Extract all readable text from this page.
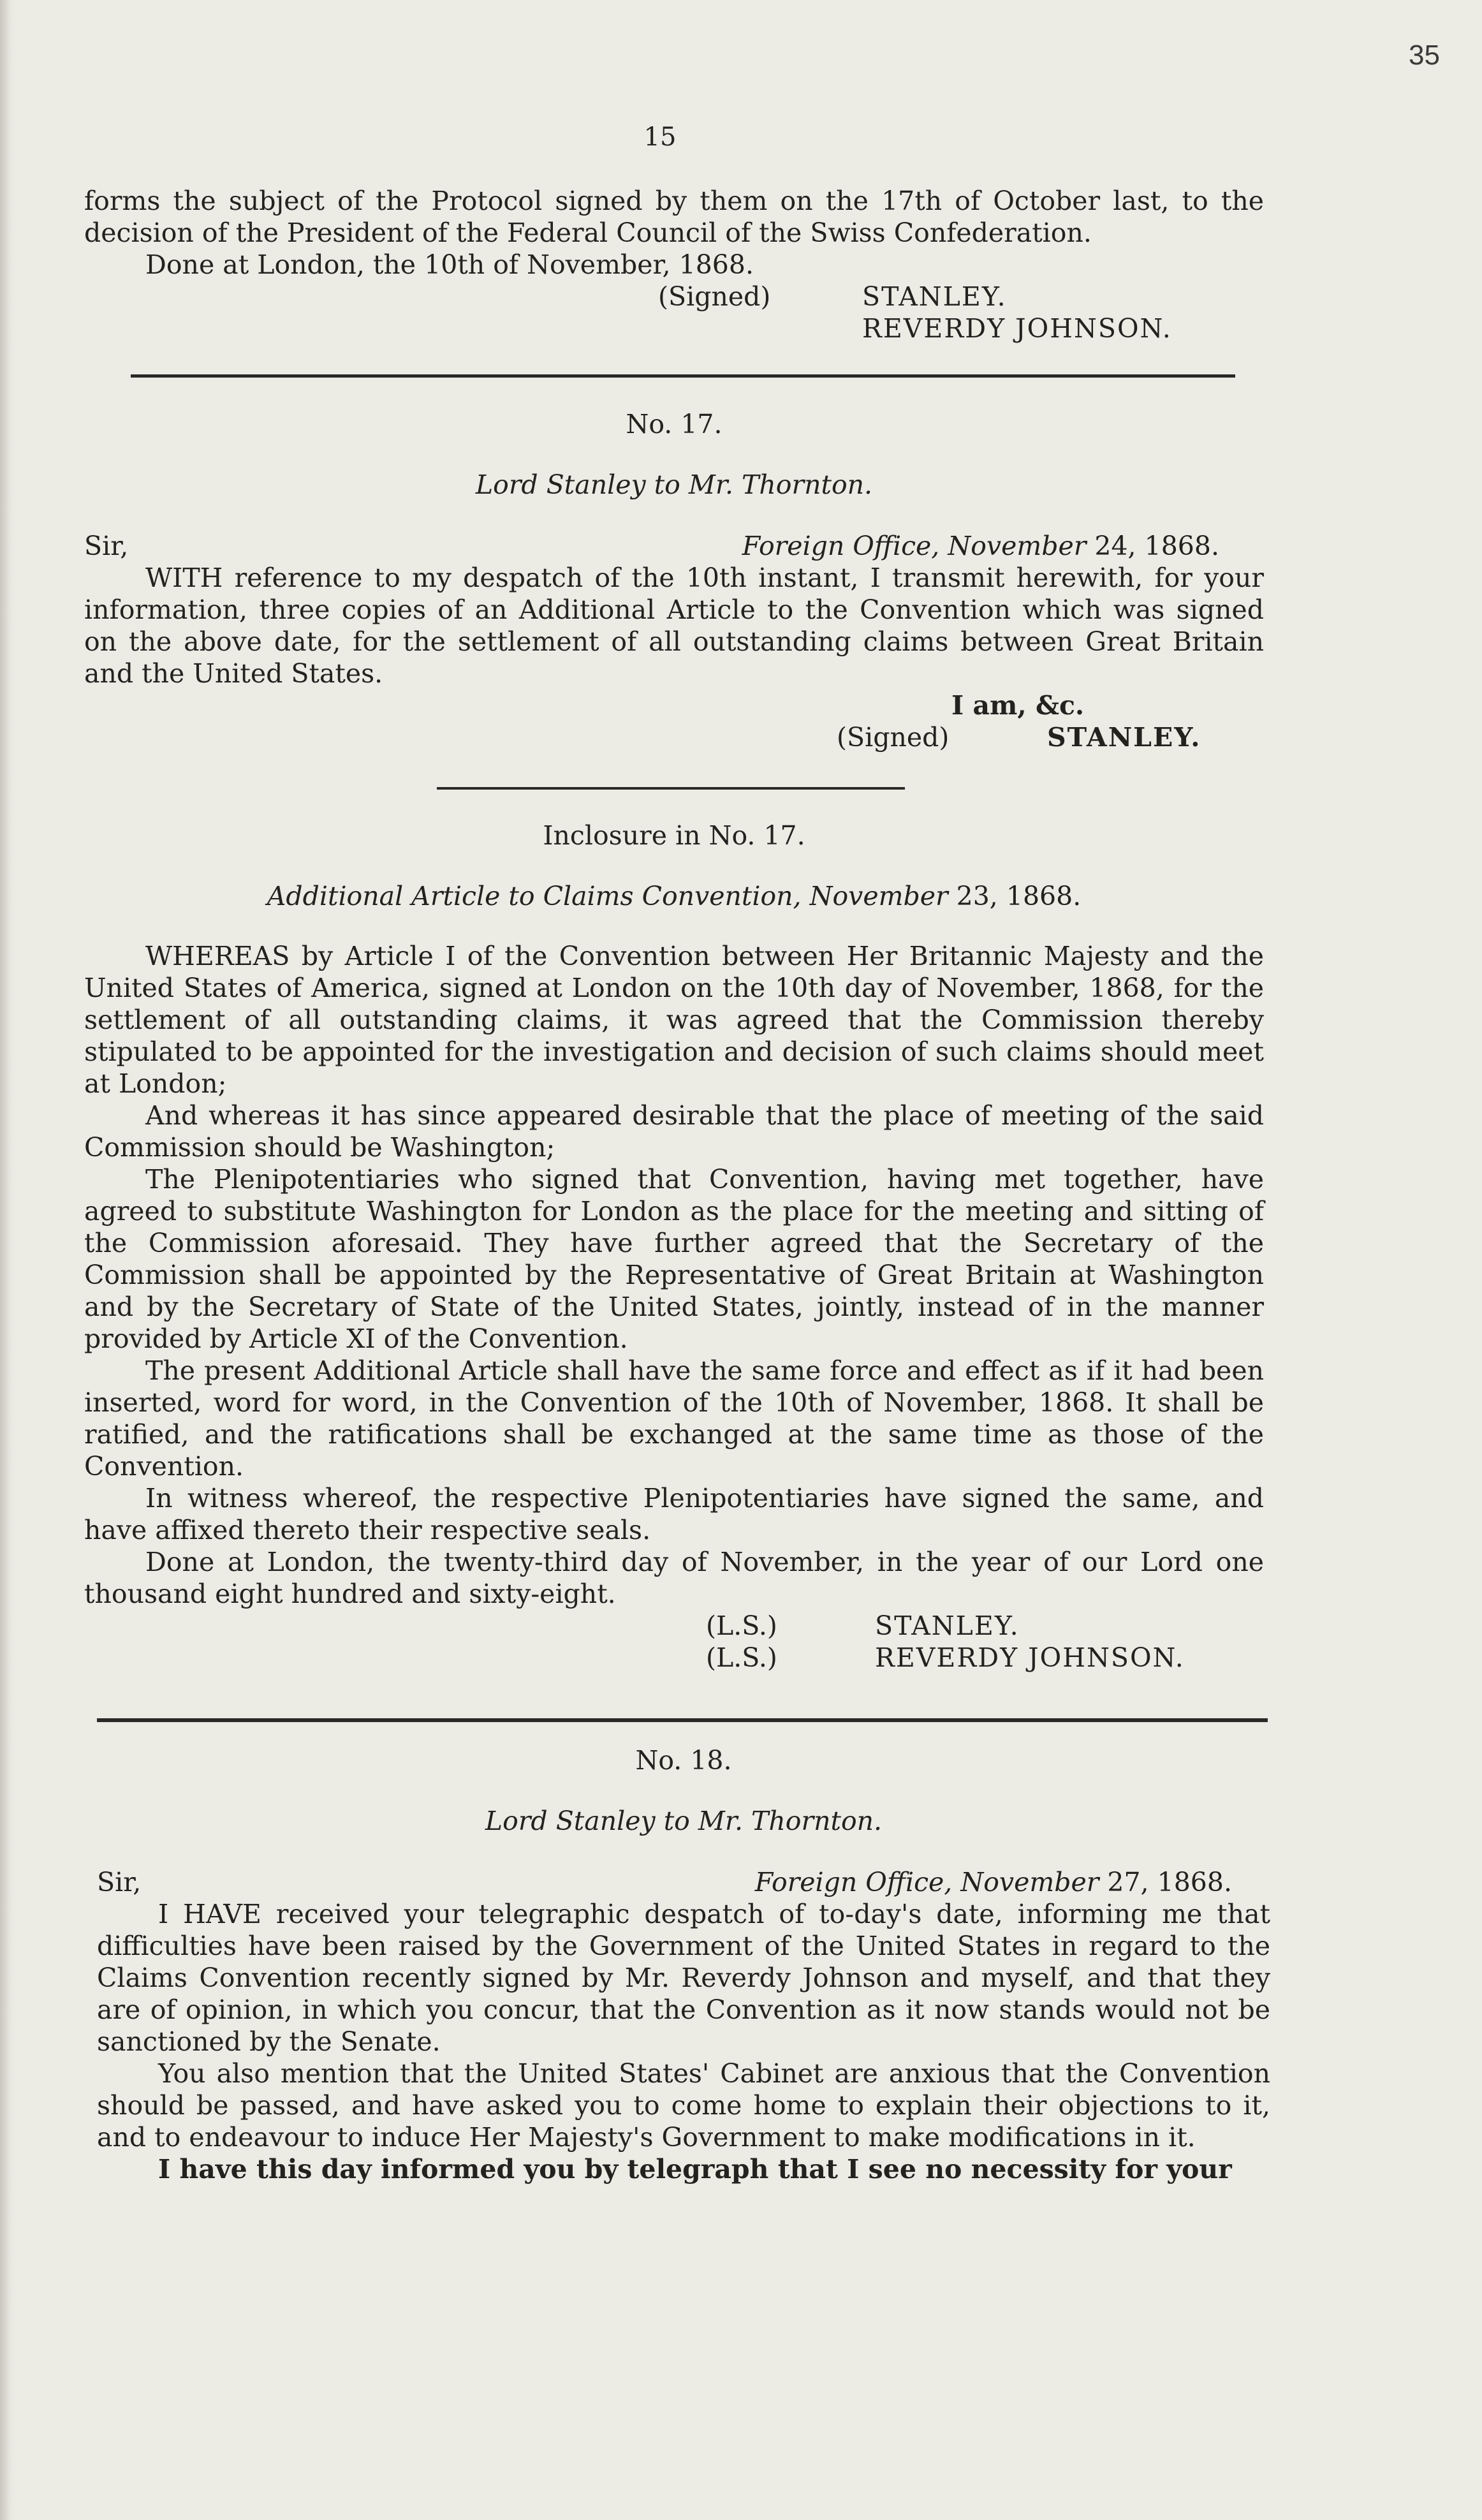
35
15

forms the subject of the Protocol signed by them on the 17th of October last, to the decision of the President of the Federal Council of the Swiss Confederation.

Done at London, the 10th of November, 1868.

(Signed)	STANLEY.
REVERDY JOHNSON.

No. 17.

Lord Stanley to Mr. Thornton.

Sir,	Foreign Office, November 24, 1868.

WITH reference to my despatch of the 10th instant, I transmit herewith, for your information, three copies of an Additional Article to the Convention which was signed on the above date, for the settlement of all outstanding claims between Great Britain and the United States.

I am, &c.
(Signed)	STANLEY.

Inclosure in No. 17.

Additional Article to Claims Convention, November 23, 1868.

WHEREAS by Article I of the Convention between Her Britannic Majesty and the United States of America, signed at London on the 10th day of November, 1868, for the settlement of all outstanding claims, it was agreed that the Commission thereby stipulated to be appointed for the investigation and decision of such claims should meet at London;

And whereas it has since appeared desirable that the place of meeting of the said Commission should be Washington;

The Plenipotentiaries who signed that Convention, having met together, have agreed to substitute Washington for London as the place for the meeting and sitting of the Commission aforesaid. They have further agreed that the Secretary of the Commission shall be appointed by the Representative of Great Britain at Washington and by the Secretary of State of the United States, jointly, instead of in the manner provided by Article XI of the Convention.

The present Additional Article shall have the same force and effect as if it had been inserted, word for word, in the Convention of the 10th of November, 1868. It shall be ratified, and the ratifications shall be exchanged at the same time as those of the Convention.

In witness whereof, the respective Plenipotentiaries have signed the same, and have affixed thereto their respective seals.

Done at London, the twenty-third day of November, in the year of our Lord one thousand eight hundred and sixty-eight.

(L.S.)	STANLEY.
(L.S.)	REVERDY JOHNSON.

No. 18.

Lord Stanley to Mr. Thornton.

Sir,	Foreign Office, November 27, 1868.

I HAVE received your telegraphic despatch of to-day's date, informing me that difficulties have been raised by the Government of the United States in regard to the Claims Convention recently signed by Mr. Reverdy Johnson and myself, and that they are of opinion, in which you concur, that the Convention as it now stands would not be sanctioned by the Senate.

You also mention that the United States' Cabinet are anxious that the Convention should be passed, and have asked you to come home to explain their objections to it, and to endeavour to induce Her Majesty's Government to make modifications in it.

I have this day informed you by telegraph that I see no necessity for your
